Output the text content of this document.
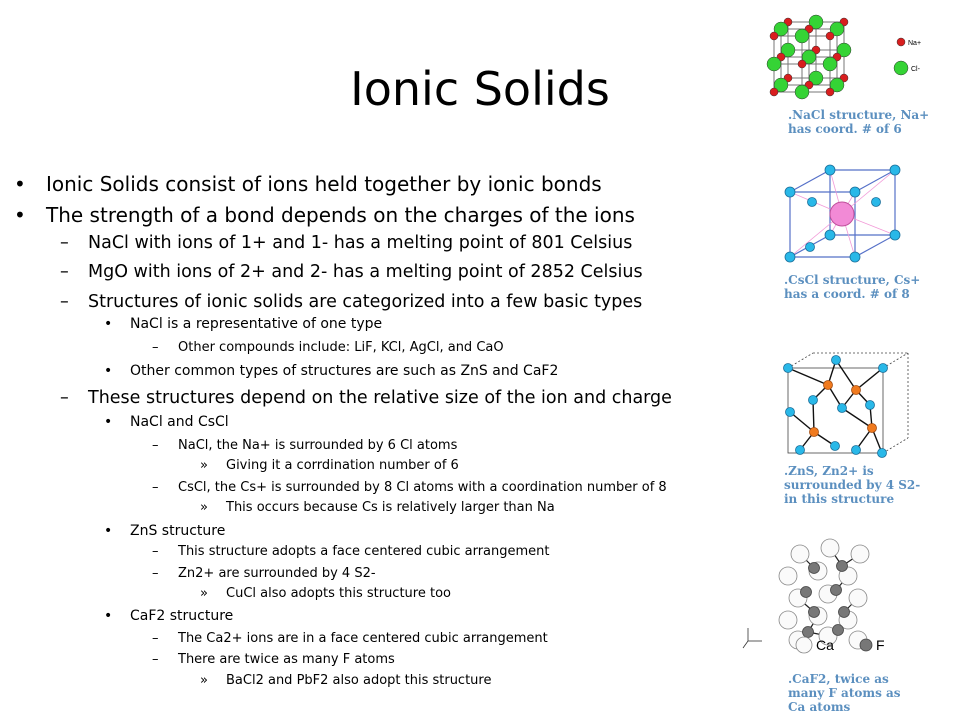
Ionic Solids
• Ionic Solids consist of ions held together by ionic bonds
• The strength of a bond depends on the charges of the ions
– NaCl with ions of 1+ and 1- has a melting point of 801 Celsius
– MgO with ions of 2+ and 2- has a melting point of 2852 Celsius
– Structures of ionic solids are categorized into a few basic types
• NaCl is a representative of one type
– Other compounds include: LiF, KCl, AgCl, and CaO
• Other common types of structures are such as ZnS and CaF2
– These structures depend on the relative size of the ion and charge
• NaCl and CsCl
– NaCl, the Na+ is surrounded by 6 Cl atoms
» Giving it a corrdination number of 6
– CsCl, the Cs+ is surrounded by 8 Cl atoms with a coordination number of 8
» This occurs because Cs is relatively larger than Na
• ZnS structure
– This structure adopts a face centered cubic arrangement
– Zn2+ are surrounded by 4 S2-
» CuCl also adopts this structure too
• CaF2 structure
– The Ca2+ ions are in a face centered cubic arrangement
– There are twice as many F atoms
» BaCl2 and PbF2 also adopt this structure
Na+
Cl-
.NaCl structure, Na+
has coord. # of 6
.CsCl structure, Cs+
has a coord. # of 8
.ZnS, Zn2+ is
surrounded by 4 S2-
in this structure
Ca	F
.CaF2, twice as
many F atoms as
Ca atoms
